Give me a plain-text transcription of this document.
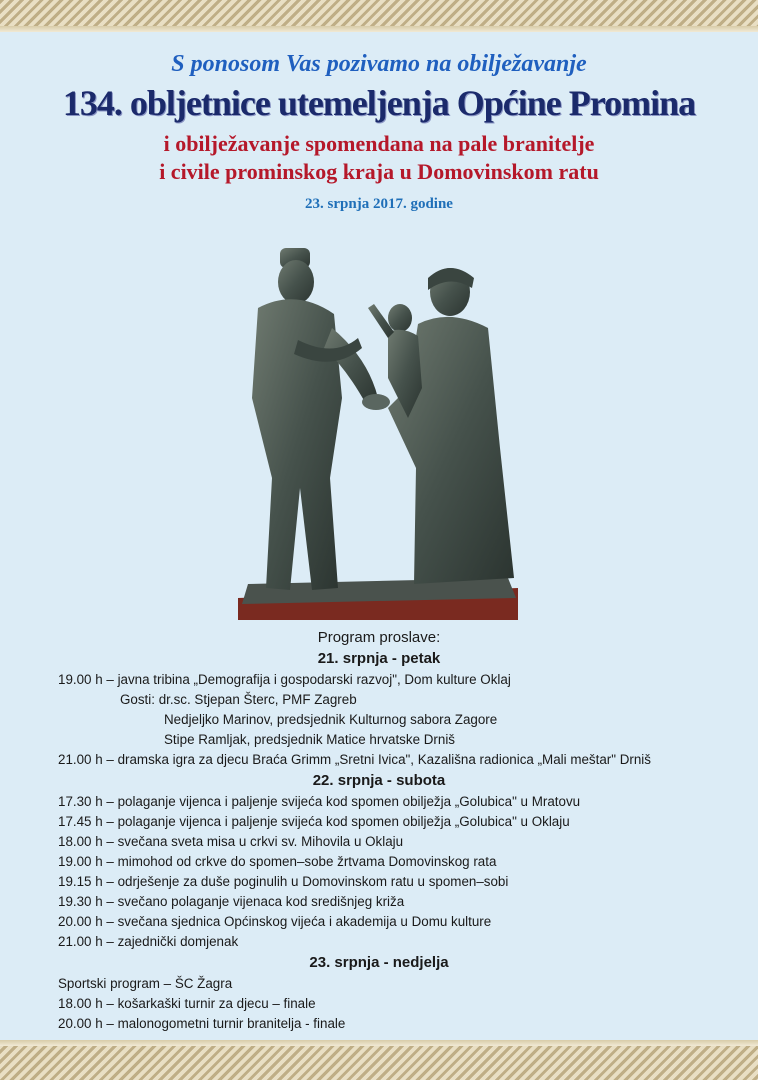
S ponosom Vas pozivamo na obilježavanje

134. obljetnice utemeljenja Općine Promina

i obilježavanje spomendana na pale branitelje

i civile prominskog kraja u Domovinskom ratu

23. srpnja 2017. godine

Program proslave:

21. srpnja - petak

19.00 h – javna tribina „Demografija i gospodarski razvoj", Dom kulture Oklaj
Gosti: dr.sc. Stjepan Šterc, PMF Zagreb
Nedjeljko Marinov, predsjednik Kulturnog sabora Zagore
Stipe Ramljak, predsjednik Matice hrvatske Drniš
21.00 h – dramska igra za djecu Braća Grimm „Sretni Ivica", Kazališna radionica „Mali meštar" Drniš

22. srpnja - subota

17.30 h – polaganje vijenca i paljenje svijeća kod spomen obilježja „Golubica" u Mratovu
17.45 h – polaganje vijenca i paljenje svijeća kod spomen obilježja „Golubica" u Oklaju
18.00 h – svečana sveta misa u crkvi sv. Mihovila u Oklaju
19.00 h – mimohod od crkve do spomen–sobe žrtvama Domovinskog rata
19.15 h – odrješenje za duše poginulih u Domovinskom ratu u spomen–sobi
19.30 h – svečano polaganje vijenaca kod središnjeg križa
20.00 h – svečana sjednica Općinskog vijeća i akademija u Domu kulture
21.00 h – zajednički domjenak

23. srpnja - nedjelja

Sportski program – ŠC Žagra
18.00 h – košarkaški turnir za djecu – finale
20.00 h – malonogometni turnir branitelja - finale
